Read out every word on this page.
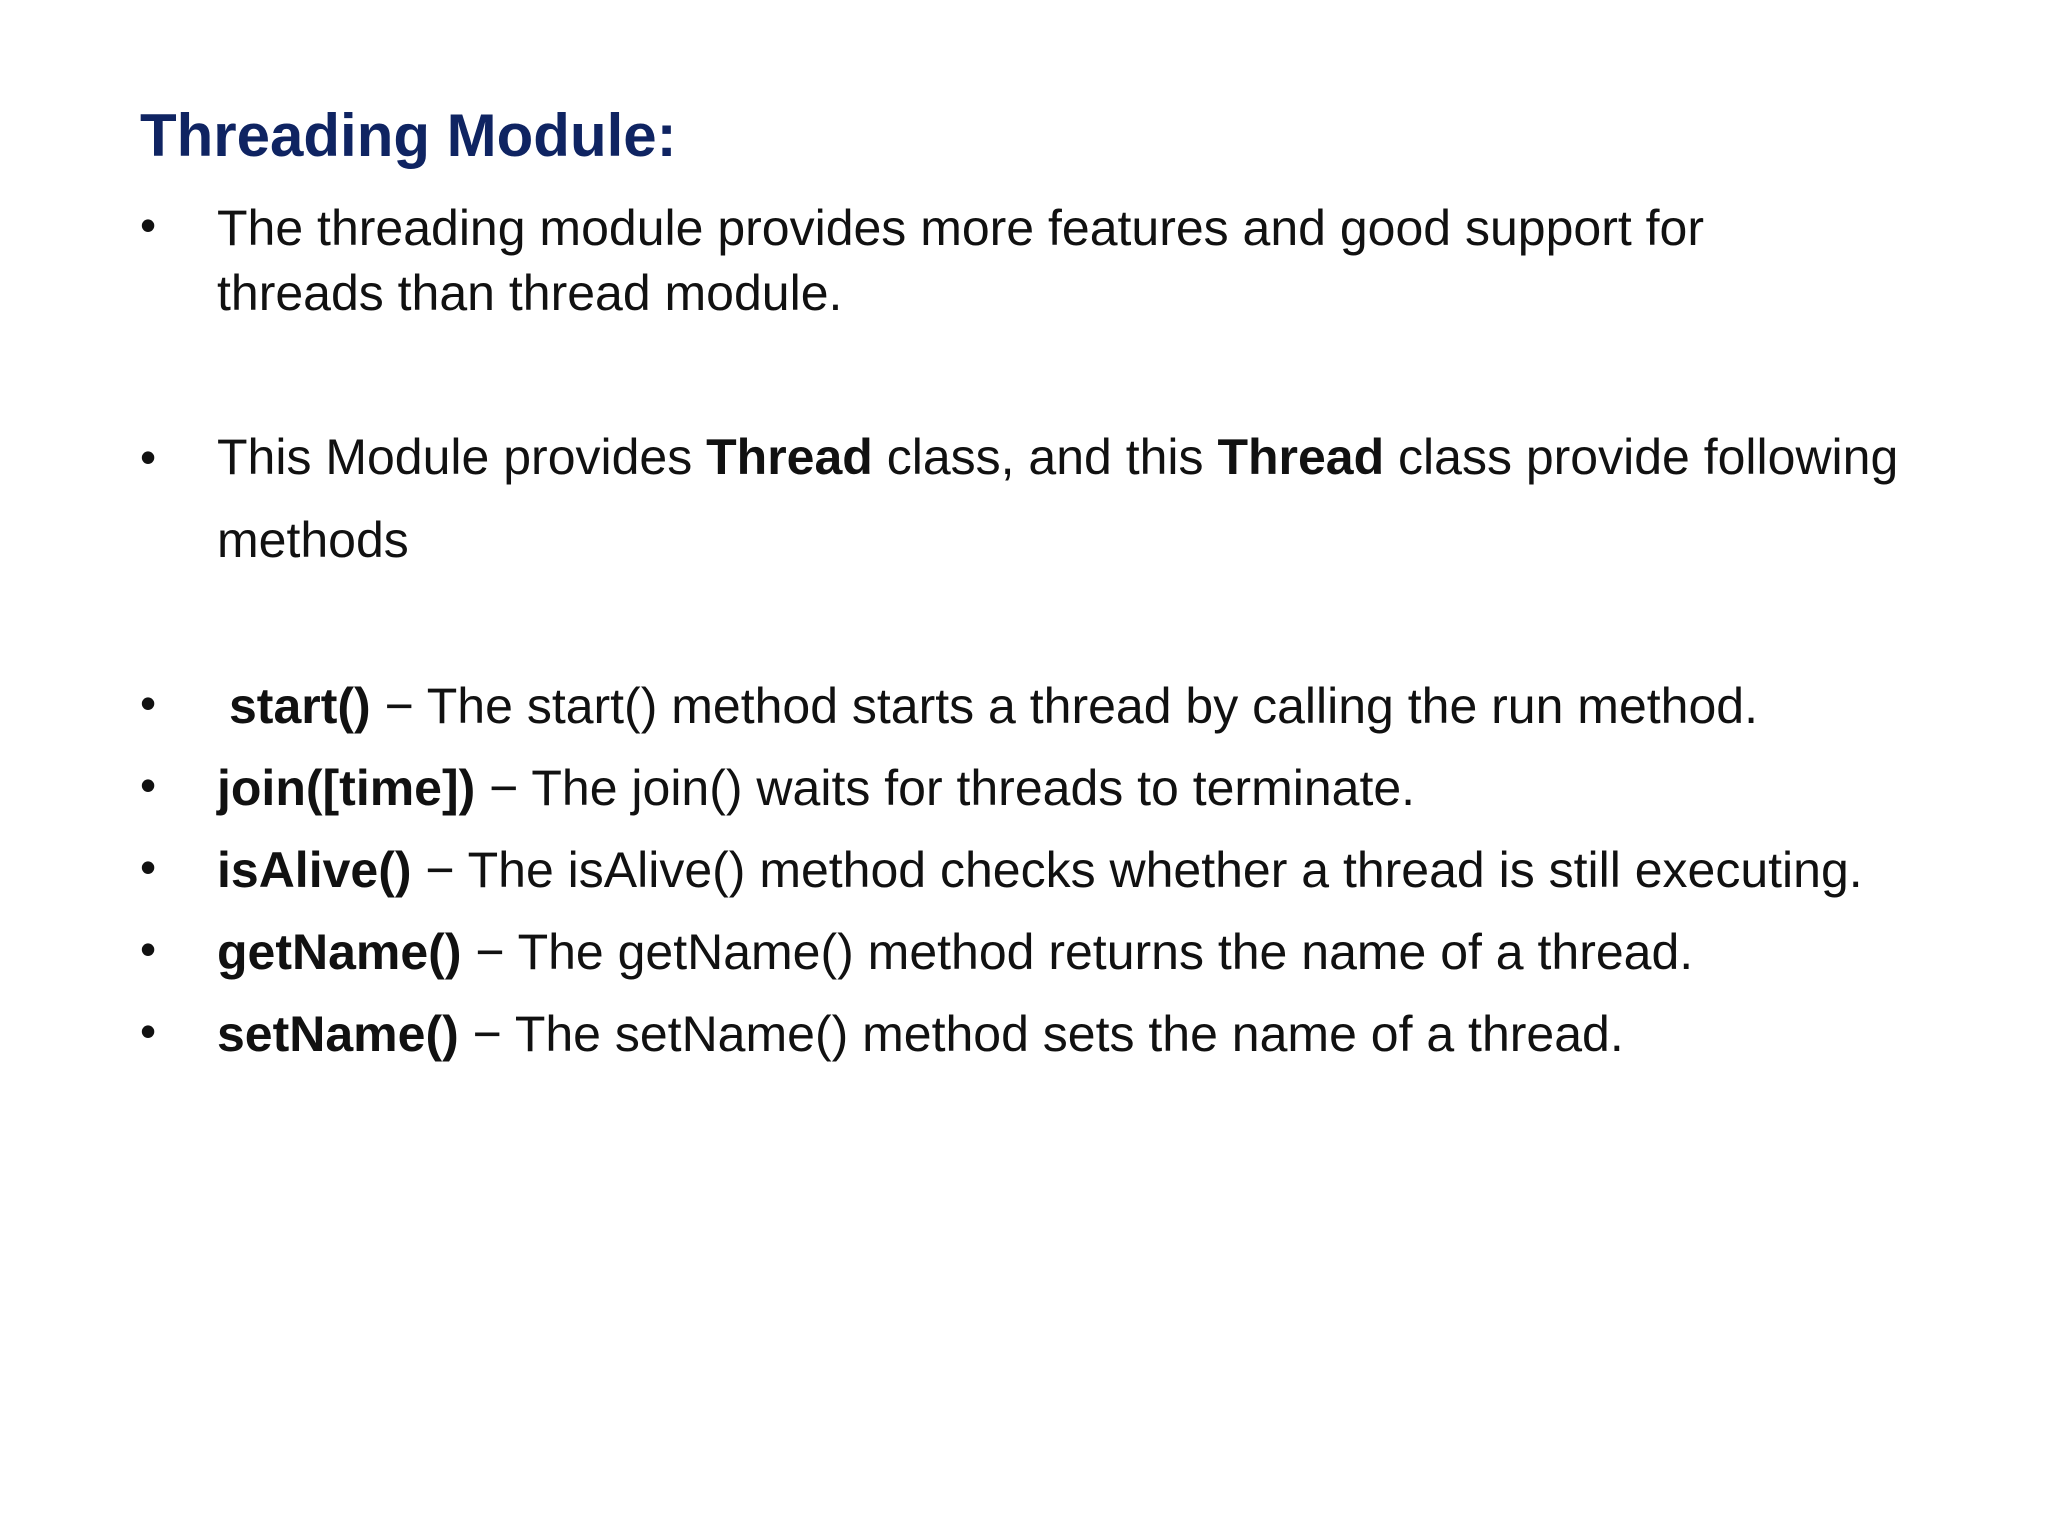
Threading Module:
•	The threading module provides more features and good support for
threads than thread module.
•	This Module provides Thread class, and this Thread class provide following
methods
•	start() − The start() method starts a thread by calling the run method.
•	join([time]) − The join() waits for threads to terminate.
•	isAlive() − The isAlive() method checks whether a thread is still executing.
•	getName() − The getName() method returns the name of a thread.
•	setName() − The setName() method sets the name of a thread.
